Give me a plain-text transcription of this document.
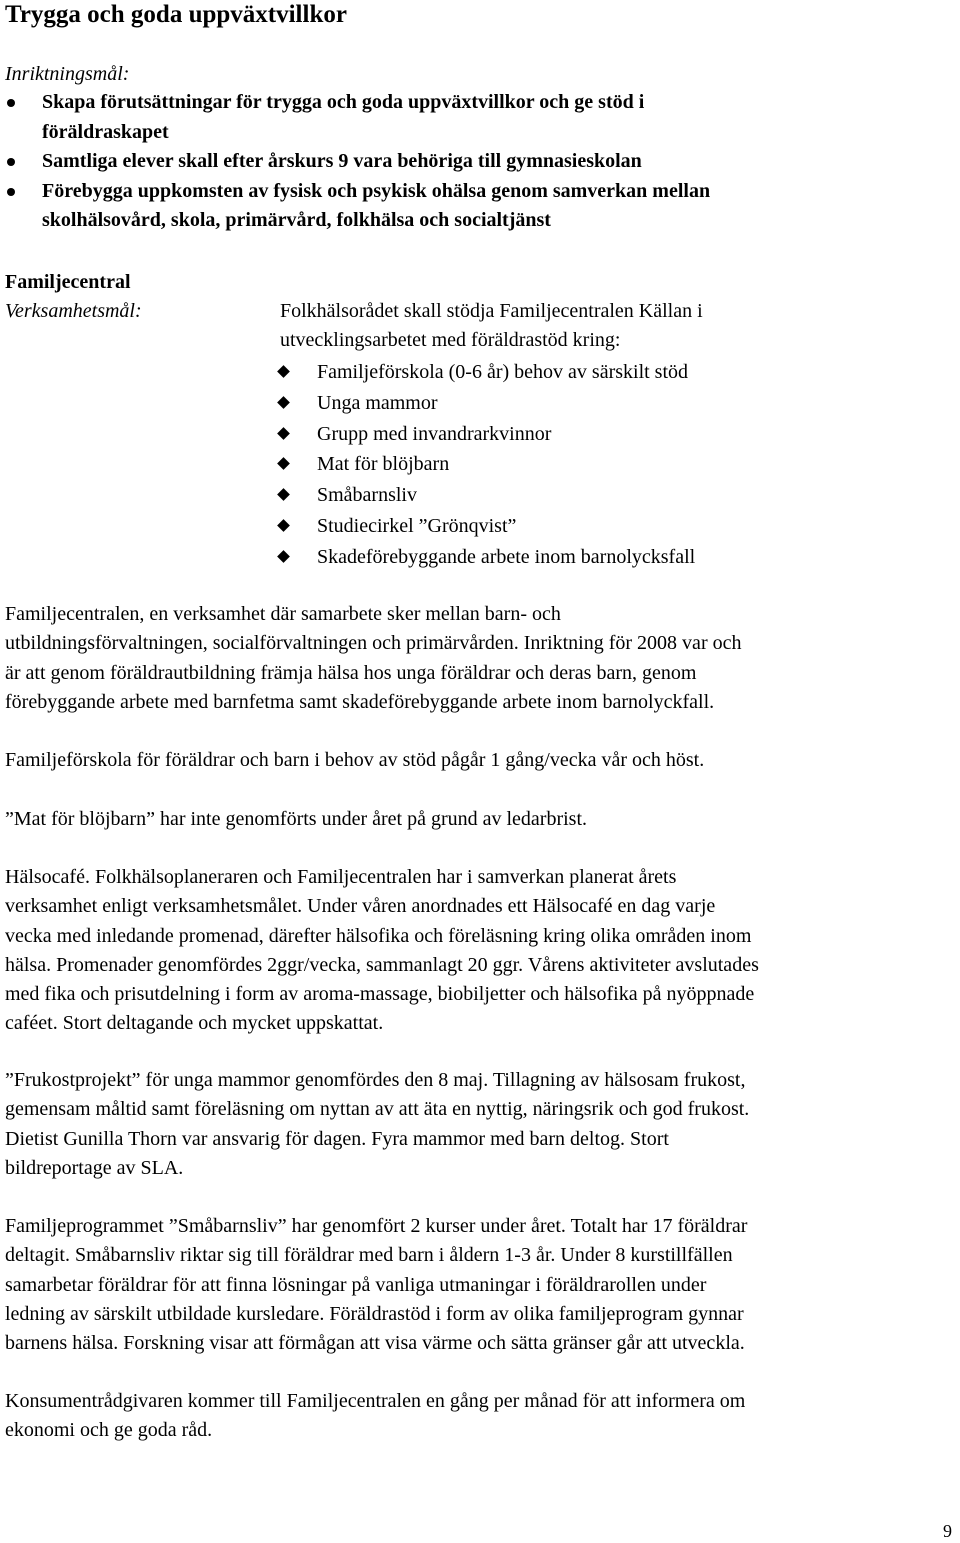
Trygga och goda uppväxtvillkor
Inriktningsmål:
Skapa förutsättningar för trygga och goda uppväxtvillkor och ge stöd i
föräldraskapet
Samtliga elever skall efter årskurs 9 vara behöriga till gymnasieskolan
Förebygga uppkomsten av fysisk och psykisk ohälsa genom samverkan mellan
skolhälsovård, skola, primärvård, folkhälsa och socialtjänst
Familjecentral
Verksamhetsmål:	Folkhälsorådet skall stödja Familjecentralen Källan i
utvecklingsarbetet med föräldrastöd kring:
Familjeförskola (0-6 år) behov av särskilt stöd
Unga mammor
Grupp med invandrarkvinnor
Mat för blöjbarn
Småbarnsliv
Studiecirkel ”Grönqvist”
Skadeförebyggande arbete inom barnolycksfall

Familjecentralen, en verksamhet där samarbete sker mellan barn- och
utbildningsförvaltningen, socialförvaltningen och primärvården. Inriktning för 2008 var och
är att genom föräldrautbildning främja hälsa hos unga föräldrar och deras barn, genom
förebyggande arbete med barnfetma samt skadeförebyggande arbete inom barnolyckfall.

Familjeförskola för föräldrar och barn i behov av stöd pågår 1 gång/vecka vår och höst.

”Mat för blöjbarn” har inte genomförts under året på grund av ledarbrist.

Hälsocafé. Folkhälsoplaneraren och Familjecentralen har i samverkan planerat årets
verksamhet enligt verksamhetsmålet. Under våren anordnades ett Hälsocafé en dag varje
vecka med inledande promenad, därefter hälsofika och föreläsning kring olika områden inom
hälsa. Promenader genomfördes 2ggr/vecka, sammanlagt 20 ggr. Vårens aktiviteter avslutades
med fika och prisutdelning i form av aroma-massage, biobiljetter och hälsofika på nyöppnade
caféet. Stort deltagande och mycket uppskattat.

”Frukostprojekt” för unga mammor genomfördes den 8 maj. Tillagning av hälsosam frukost,
gemensam måltid samt föreläsning om nyttan av att äta en nyttig, näringsrik och god frukost.
Dietist Gunilla Thorn var ansvarig för dagen. Fyra mammor med barn deltog. Stort
bildreportage av SLA.

Familjeprogrammet ”Småbarnsliv” har genomfört 2 kurser under året. Totalt har 17 föräldrar
deltagit. Småbarnsliv riktar sig till föräldrar med barn i åldern 1-3 år. Under 8 kurstillfällen
samarbetar föräldrar för att finna lösningar på vanliga utmaningar i föräldrarollen under
ledning av särskilt utbildade kursledare. Föräldrastöd i form av olika familjeprogram gynnar
barnens hälsa. Forskning visar att förmågan att visa värme och sätta gränser går att utveckla.

Konsumentrådgivaren kommer till Familjecentralen en gång per månad för att informera om
ekonomi och ge goda råd.

9
